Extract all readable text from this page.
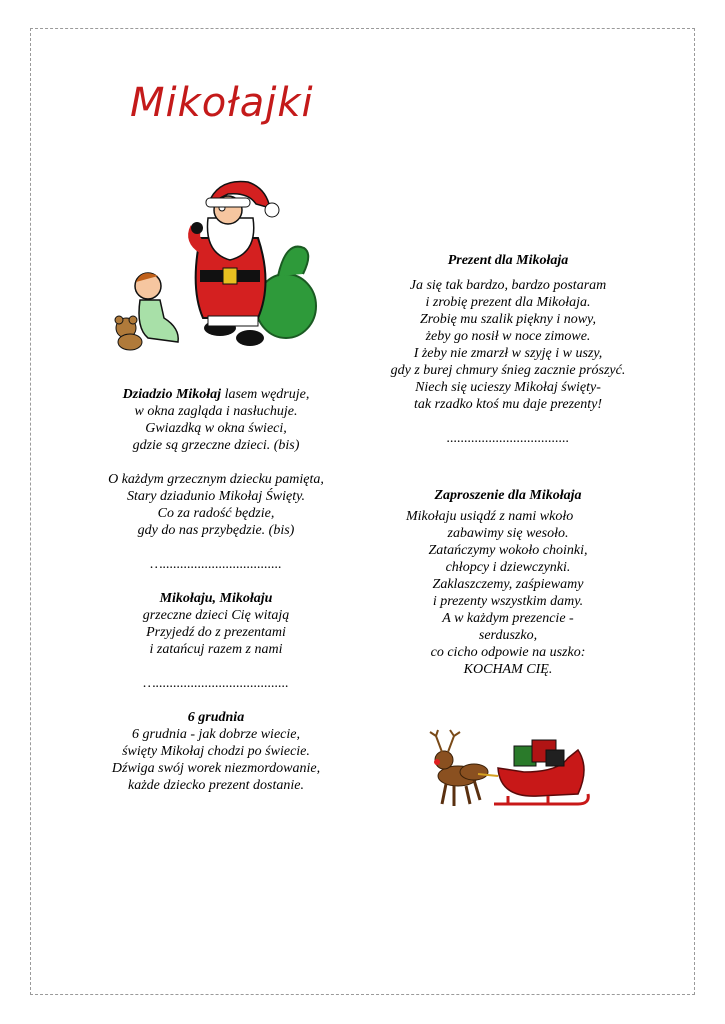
Mikołajki
Dziadzio Mikołaj lasem wędruje,
w okna zagląda i nasłuchuje.
Gwiazdką w okna świeci,
gdzie są grzeczne dzieci. (bis)
O każdym grzecznym dziecku pamięta,
Stary dziadunio Mikołaj Święty.
Co za radość będzie,
gdy do nas przybędzie. (bis)
…..................................
Mikołaju, Mikołaju
grzeczne dzieci Cię witają
Przyjedź do z prezentami
i zatańcuj razem z nami
…......................................
6 grudnia
6 grudnia - jak dobrze wiecie,
święty Mikołaj chodzi po świecie.
Dźwiga swój worek niezmordowanie,
każde dziecko prezent dostanie.
Prezent dla Mikołaja
Ja się tak bardzo, bardzo postaram
i zrobię prezent dla Mikołaja.
Zrobię mu szalik piękny i nowy,
żeby go nosił w noce zimowe.
I żeby nie zmarzł w szyję i w uszy,
gdy z burej chmury śnieg zacznie prószyć.
Niech się ucieszy Mikołaj święty-
tak rzadko ktoś mu daje prezenty!
...................................
Zaproszenie dla Mikołaja
Mikołaju usiądź z nami wkoło
zabawimy się wesoło.
Zatańczymy wokoło choinki,
chłopcy i dziewczynki.
Zaklaszczemy, zaśpiewamy
i prezenty wszystkim damy.
A w każdym prezencie -
serduszko,
co cicho odpowie na uszko:
KOCHAM CIĘ.
